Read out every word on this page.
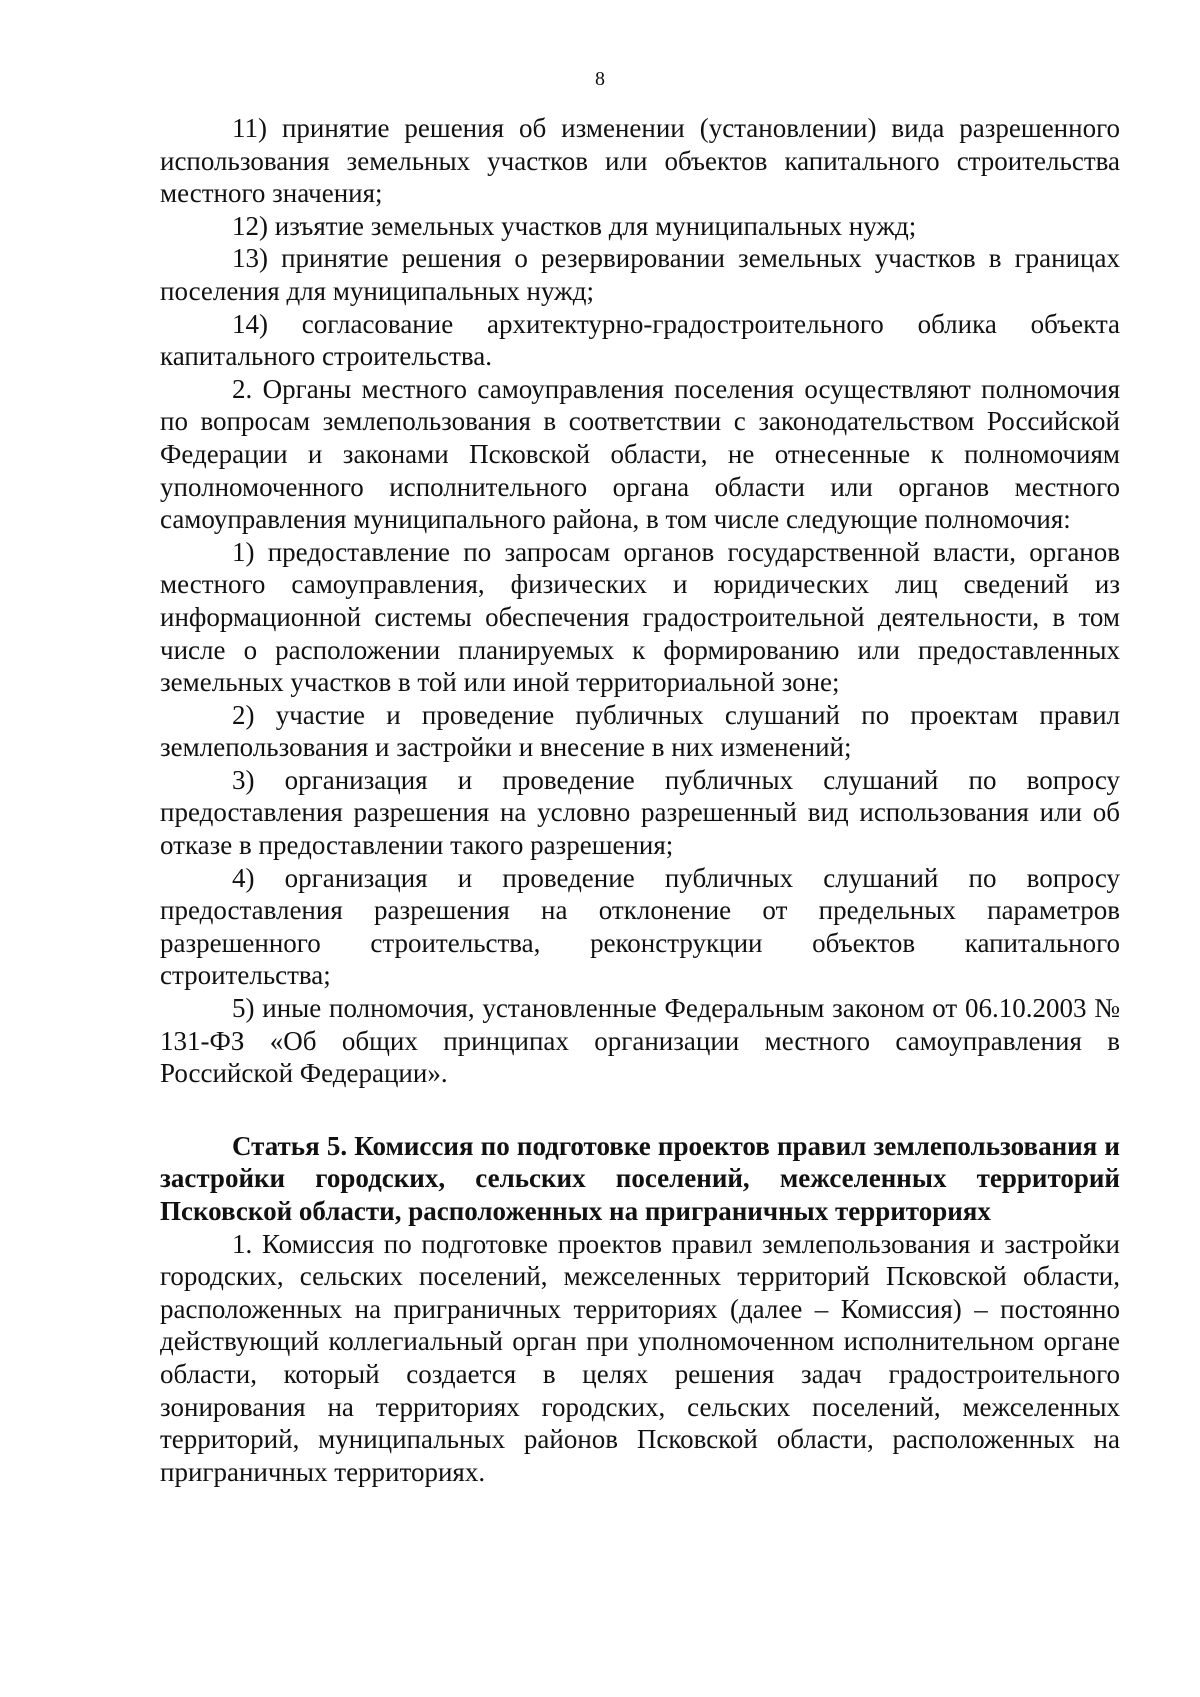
8

11) принятие решения об изменении (установлении) вида разрешенного использования земельных участков или объектов капитального строительства местного значения;

12) изъятие земельных участков для муниципальных нужд;

13) принятие решения о резервировании земельных участков в границах поселения для муниципальных нужд;

14) согласование архитектурно-градостроительного облика объекта капитального строительства.

2. Органы местного самоуправления поселения осуществляют полномочия по вопросам землепользования в соответствии с законодательством Российской Федерации и законами Псковской области, не отнесенные к полномочиям уполномоченного исполнительного органа области или органов местного самоуправления муниципального района, в том числе следующие полномочия:

1) предоставление по запросам органов государственной власти, органов местного самоуправления, физических и юридических лиц сведений из информационной системы обеспечения градостроительной деятельности, в том числе о расположении планируемых к формированию или предоставленных земельных участков в той или иной территориальной зоне;

2) участие и проведение публичных слушаний по проектам правил землепользования и застройки и внесение в них изменений;

3) организация и проведение публичных слушаний по вопросу предоставления разрешения на условно разрешенный вид использования или об отказе в предоставлении такого разрешения;

4) организация и проведение публичных слушаний по вопросу предоставления разрешения на отклонение от предельных параметров разрешенного строительства, реконструкции объектов капитального строительства;

5) иные полномочия, установленные Федеральным законом от 06.10.2003 № 131-ФЗ «Об общих принципах организации местного самоуправления в Российской Федерации».

Статья 5. Комиссия по подготовке проектов правил землепользования и застройки городских, сельских поселений, межселенных территорий Псковской области, расположенных на приграничных территориях

1. Комиссия по подготовке проектов правил землепользования и застройки городских, сельских поселений, межселенных территорий Псковской области, расположенных на приграничных территориях (далее – Комиссия) – постоянно действующий коллегиальный орган при уполномоченном исполнительном органе области, который создается в целях решения задач градостроительного зонирования на территориях городских, сельских поселений, межселенных территорий, муниципальных районов Псковской области, расположенных на приграничных территориях.
